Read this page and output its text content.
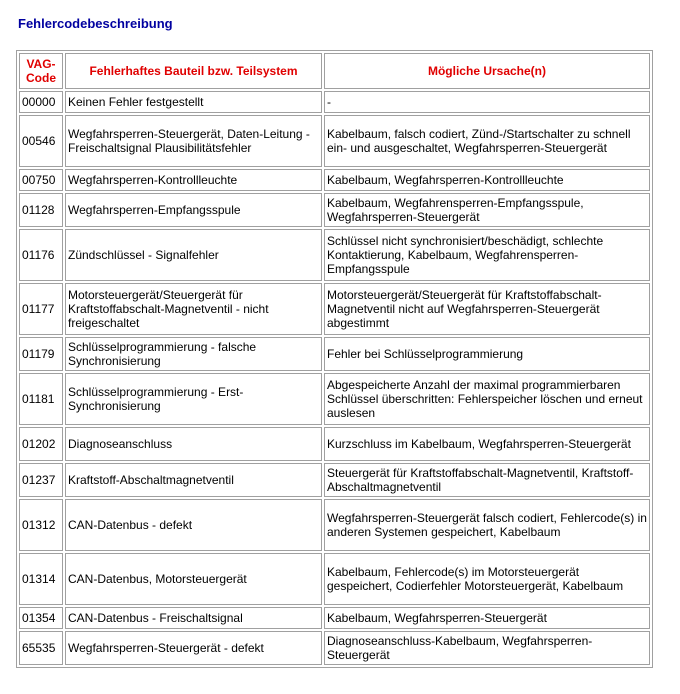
Fehlercodebeschreibung
VAG-Code	Fehlerhaftes Bauteil bzw. Teilsystem	Mögliche Ursache(n)
00000	Keinen Fehler festgestellt	-
00546	Wegfahrsperren-Steuergerät, Daten-Leitung - Freischaltsignal Plausibilitätsfehler	Kabelbaum, falsch codiert, Zünd-/Startschalter zu schnell ein- und ausgeschaltet, Wegfahrsperren-Steuergerät
00750	Wegfahrsperren-Kontrollleuchte	Kabelbaum, Wegfahrsperren-Kontrollleuchte
01128	Wegfahrsperren-Empfangsspule	Kabelbaum, Wegfahrensperren-Empfangsspule, Wegfahrsperren-Steuergerät
01176	Zündschlüssel - Signalfehler	Schlüssel nicht synchronisiert/beschädigt, schlechte Kontaktierung, Kabelbaum, Wegfahrensperren-Empfangsspule
01177	Motorsteuergerät/Steuergerät für Kraftstoffabschalt-Magnetventil - nicht freigeschaltet	Motorsteuergerät/Steuergerät für Kraftstoffabschalt-Magnetventil nicht auf Wegfahrsperren-Steuergerät abgestimmt
01179	Schlüsselprogrammierung - falsche Synchronisierung	Fehler bei Schlüsselprogrammierung
01181	Schlüsselprogrammierung - Erst-Synchronisierung	Abgespeicherte Anzahl der maximal programmierbaren Schlüssel überschritten: Fehlerspeicher löschen und erneut auslesen
01202	Diagnoseanschluss	Kurzschluss im Kabelbaum, Wegfahrsperren-Steuergerät
01237	Kraftstoff-Abschaltmagnetventil	Steuergerät für Kraftstoffabschalt-Magnetventil, Kraftstoff-Abschaltmagnetventil
01312	CAN-Datenbus - defekt	Wegfahrsperren-Steuergerät falsch codiert, Fehlercode(s) in anderen Systemen gespeichert, Kabelbaum
01314	CAN-Datenbus, Motorsteuergerät	Kabelbaum, Fehlercode(s) im Motorsteuergerät gespeichert, Codierfehler Motorsteuergerät, Kabelbaum
01354	CAN-Datenbus - Freischaltsignal	Kabelbaum, Wegfahrsperren-Steuergerät
65535	Wegfahrsperren-Steuergerät - defekt	Diagnoseanschluss-Kabelbaum, Wegfahrsperren-Steuergerät
